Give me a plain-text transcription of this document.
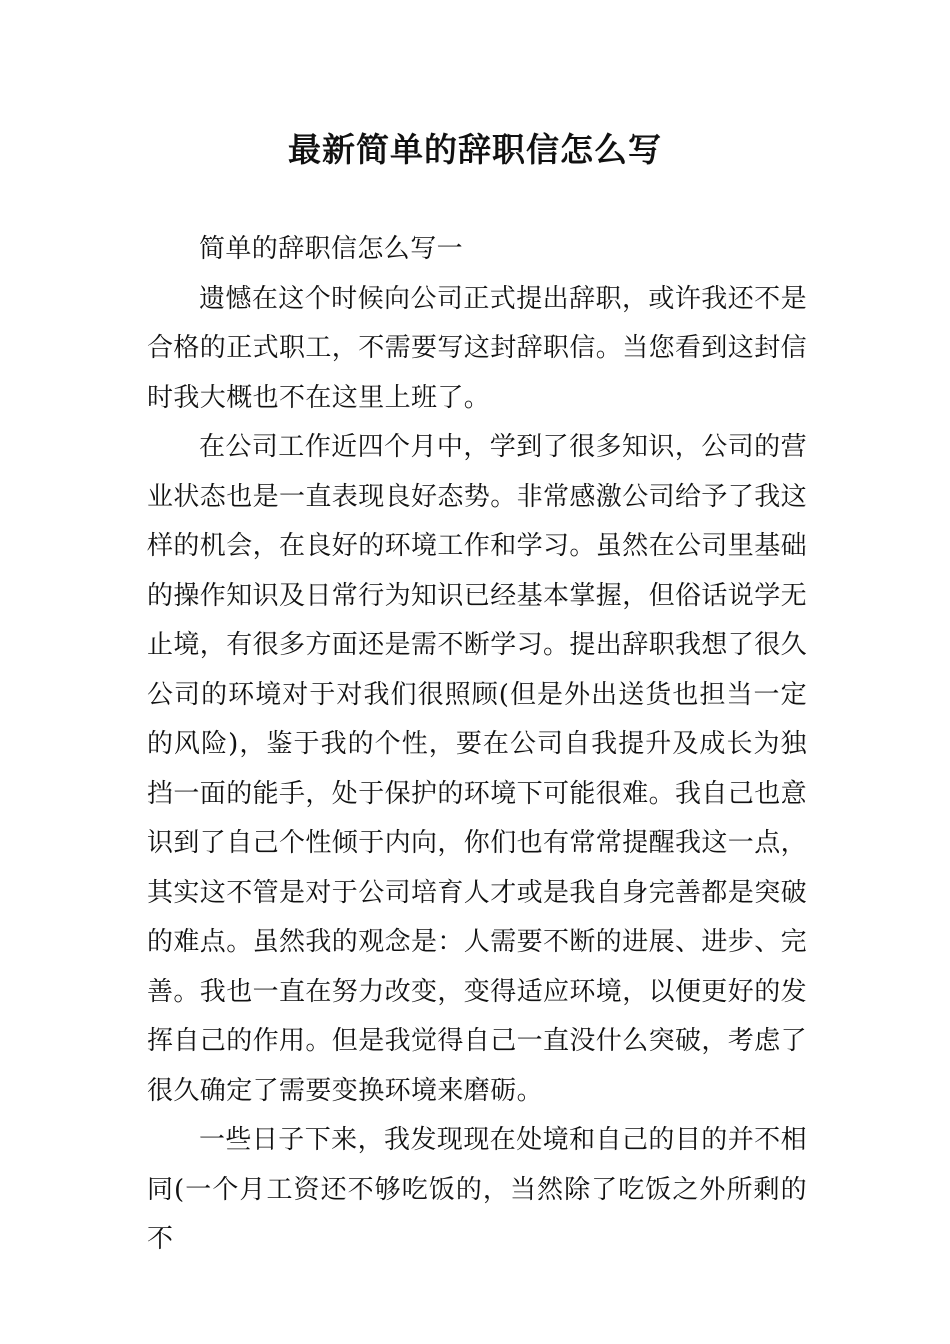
最新简单的辞职信怎么写

简单的辞职信怎么写一

遗憾在这个时候向公司正式提出辞职，或许我还不是合格的正式职工，不需要写这封辞职信。当您看到这封信时我大概也不在这里上班了。

在公司工作近四个月中，学到了很多知识，公司的营业状态也是一直表现良好态势。非常感激公司给予了我这样的机会，在良好的环境工作和学习。虽然在公司里基础的操作知识及日常行为知识已经基本掌握，但俗话说学无止境，有很多方面还是需不断学习。提出辞职我想了很久公司的环境对于对我们很照顾(但是外出送货也担当一定的风险)，鉴于我的个性，要在公司自我提升及成长为独挡一面的能手，处于保护的环境下可能很难。我自己也意识到了自己个性倾于内向，你们也有常常提醒我这一点，其实这不管是对于公司培育人才或是我自身完善都是突破的难点。虽然我的观念是：人需要不断的进展、进步、完善。我也一直在努力改变，变得适应环境，以便更好的发挥自己的作用。但是我觉得自己一直没什么突破，考虑了很久确定了需要变换环境来磨砺。

一些日子下来，我发现现在处境和自己的目的并不相同(一个月工资还不够吃饭的，当然除了吃饭之外所剩的不
